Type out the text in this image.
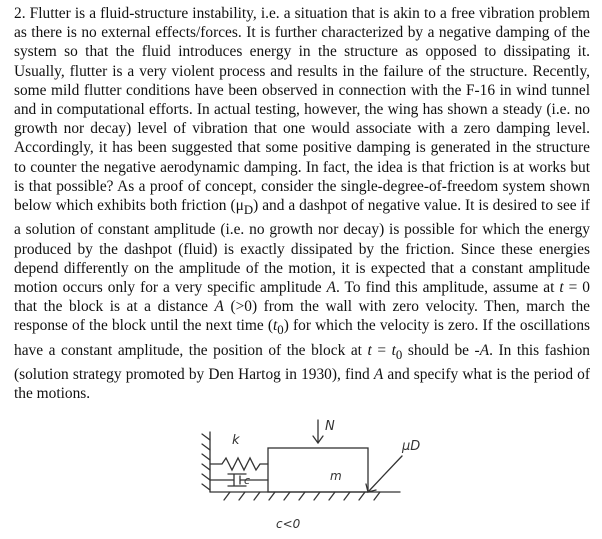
2. Flutter is a fluid-structure instability, i.e. a situation that is akin to a free vibration problem as there is no external effects/forces. It is further characterized by a negative damping of the system so that the fluid introduces energy in the structure as opposed to dissipating it. Usually, flutter is a very violent process and results in the failure of the structure. Recently, some mild flutter conditions have been observed in connection with the F-16 in wind tunnel and in computational efforts. In actual testing, however, the wing has shown a steady (i.e. no growth nor decay) level of vibration that one would associate with a zero damping level. Accordingly, it has been suggested that some positive damping is generated in the structure to counter the negative aerodynamic damping. In fact, the idea is that friction is at works but is that possible? As a proof of concept, consider the single-degree-of-freedom system shown below which exhibits both friction $(\mu_D)$ and a dashpot of negative value. It is desired to see if a solution of constant amplitude (i.e. no growth nor decay) is possible for which the energy produced by the dashpot (fluid) is exactly dissipated by the friction. Since these energies depend differently on the amplitude of the motion, it is expected that a constant amplitude motion occurs only for a very specific amplitude A. To find this amplitude, assume at t = 0 that the block is at a distance A (>0) from the wall with zero velocity. Then, march the response of the block until the next time $(t_0)$ for which the velocity is zero. If the oscillations have a constant amplitude, the position of the block at $t = t_0$ should be -A. In this fashion (solution strategy promoted by Den Hartog in 1930), find A and specify what is the period of the motions.
k
c
N
m
μD
c<0
